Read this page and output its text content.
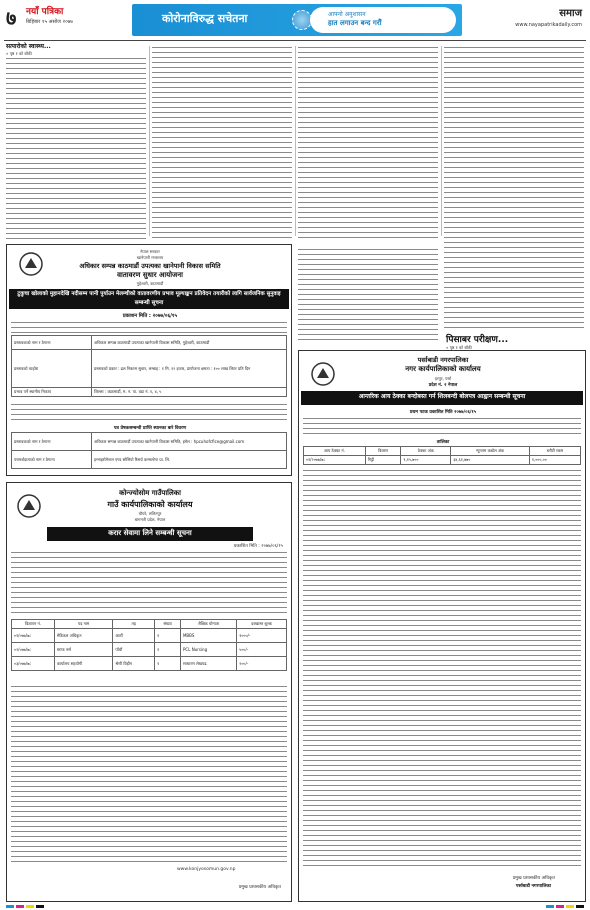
७ नयाँ पत्रिका
बिहिबार १५ असोज २०७७	कोरोनाविरुद्ध सचेतना	आफ्नो अनुशासन
हात लगाउन बन्द गरौं
समाज
www.nayapatrikadaily.com
सत्पारोको स्वास्थ्य...
» पृष्ठ १ को बाँकी
पिसाबर परीक्षण...
» पृष्ठ १ को बाँकी
नेपाल सरकार
खानेपानी मन्त्रालय
अधिकार सम्पन्न काठमाडौं उपत्यका खानेपानी विकास समिति
वातावरण सुधार आयोजना
गुहेश्वरी, काठमाडौं
टुकुचा खोलाको मुहानदेखि नदीसम्म पानी पुर्याउन मेलम्चीको वातावरणीय प्रभाव मूल्याङ्कन प्रतिवेदन तयारीको लागि सार्वजनिक सुनुवाइ सम्बन्धी सूचना
प्रकाशन मिति : २०७७/०६/१५
प्रस्तावकको नाम र ठेगाना	अधिकार सम्पन्न काठमाडौं उपत्यका खानेपानी विकास समिति, गुहेश्वरी, काठमाडौं
प्रस्तावको व्यहोरा	प्रस्तावको प्रकार : ढल निकास सुधार, लम्बाइ : १ मि. १२ हजार, प्रायोजना क्षमता : १०० लाख लिटर प्रति दिन
प्रभाव पर्ने स्थानीय निकाय	जिल्ला : काठमाडौं, म. न. पा. वडा नं. १, ४, ५
पत्र प्रेषकसम्बन्धी प्राप्ति स्थानका बारे विवरण
प्रस्तावकको नाम र ठेगाना	अधिकार सम्पन्न काठमाडौं उपत्यका खानेपानी विकास समिति, इमेल : hpcuhofcfice@gmail.com
परामर्शदाताको नाम र ठेगाना	इन्भाइरोमेन्टल एण्ड सोसियो रिसर्च कन्सल्टेन्ट प्रा. लि.
पर्साबाडी नगरपालिका
नगर कार्यपालिकाको कार्यालय
हरपुर, पर्सा
प्रदेश नं. २ नेपाल
आन्तरिक आय ठेक्का बन्दोबस्त गर्न शिलबन्दी बोलपत्र आह्वान सम्बन्धी सूचना
प्रथम पटक प्रकाशित मिति २०७७/०६/१५
तालिका
आय ठेक्का नं.	विवरण	ठेक्का अंक	न्यूनतम कबोल अंक	धरौटी रकम
०१/२०७७/७८	गिट्टी	९,१५,७००	३४,६१,७७०	१,०००,००
प्रमुख प्रशासकीय अधिकृत
पर्साबाडी नगरपालिका
कोन्ज्योसोम गाउँपालिका
गाउँ कार्यपालिकाको कार्यालय
चौघरे, ललितपुर
बागमती प्रदेश, नेपाल
करार सेवामा लिने सम्बन्धी सूचना
प्रकाशित मिति : २०७७/०६/१५
विज्ञापन नं.	पद नाम	तह	संख्या	शैक्षिक योग्यता	दरखास्त शुल्क
०१/०७७/७८	मेडिकल अधिकृत	आठौं	१	MBBS	१०००/-
०२/०७७/७८	स्टाफ नर्स	पाँचौं	१	PCL Nursing	५००/-
०३/०७७/७८	कार्यालय सहयोगी	श्रेणी विहीन	१	साधारण लेखपढ	२००/-
www.konjyosomun.gov.np
प्रमुख प्रशासकीय अधिकृत
